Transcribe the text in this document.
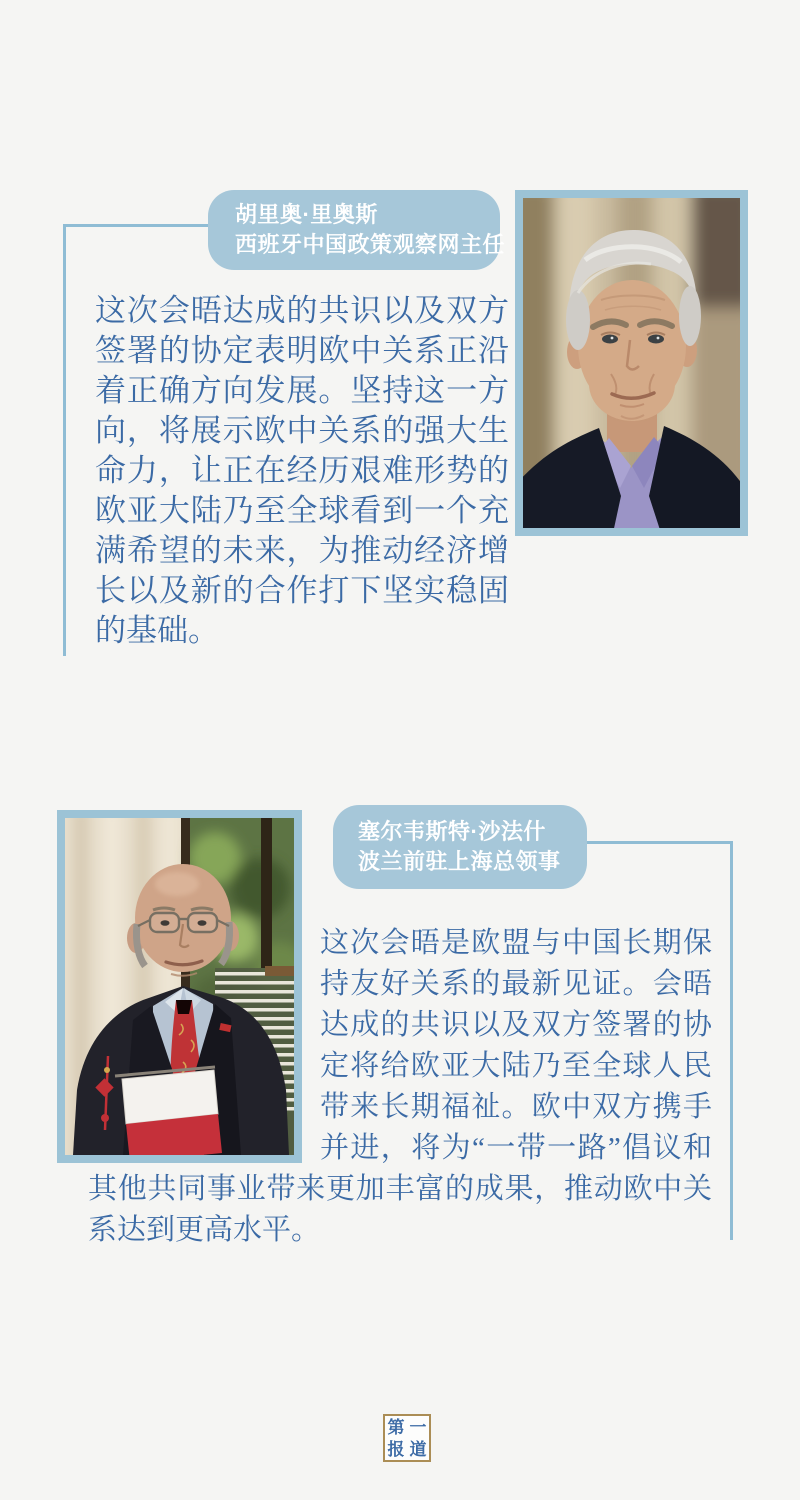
胡里奥·里奥斯
西班牙中国政策观察网主任

这次会晤达成的共识以及双方签署的协定表明欧中关系正沿着正确方向发展。坚持这一方向，将展示欧中关系的强大生命力，让正在经历艰难形势的欧亚大陆乃至全球看到一个充满希望的未来，为推动经济增长以及新的合作打下坚实稳固的基础。

塞尔韦斯特·沙法什
波兰前驻上海总领事
这次会晤是欧盟与中国长期保持友好关系的最新见证。会晤达成的共识以及双方签署的协定将给欧亚大陆乃至全球人民带来长期福祉。欧中双方携手并进，将为“一带一路”倡议和其他共同事业带来更加丰富的成果，推动欧中关系达到更高水平。
第 一
报 道
